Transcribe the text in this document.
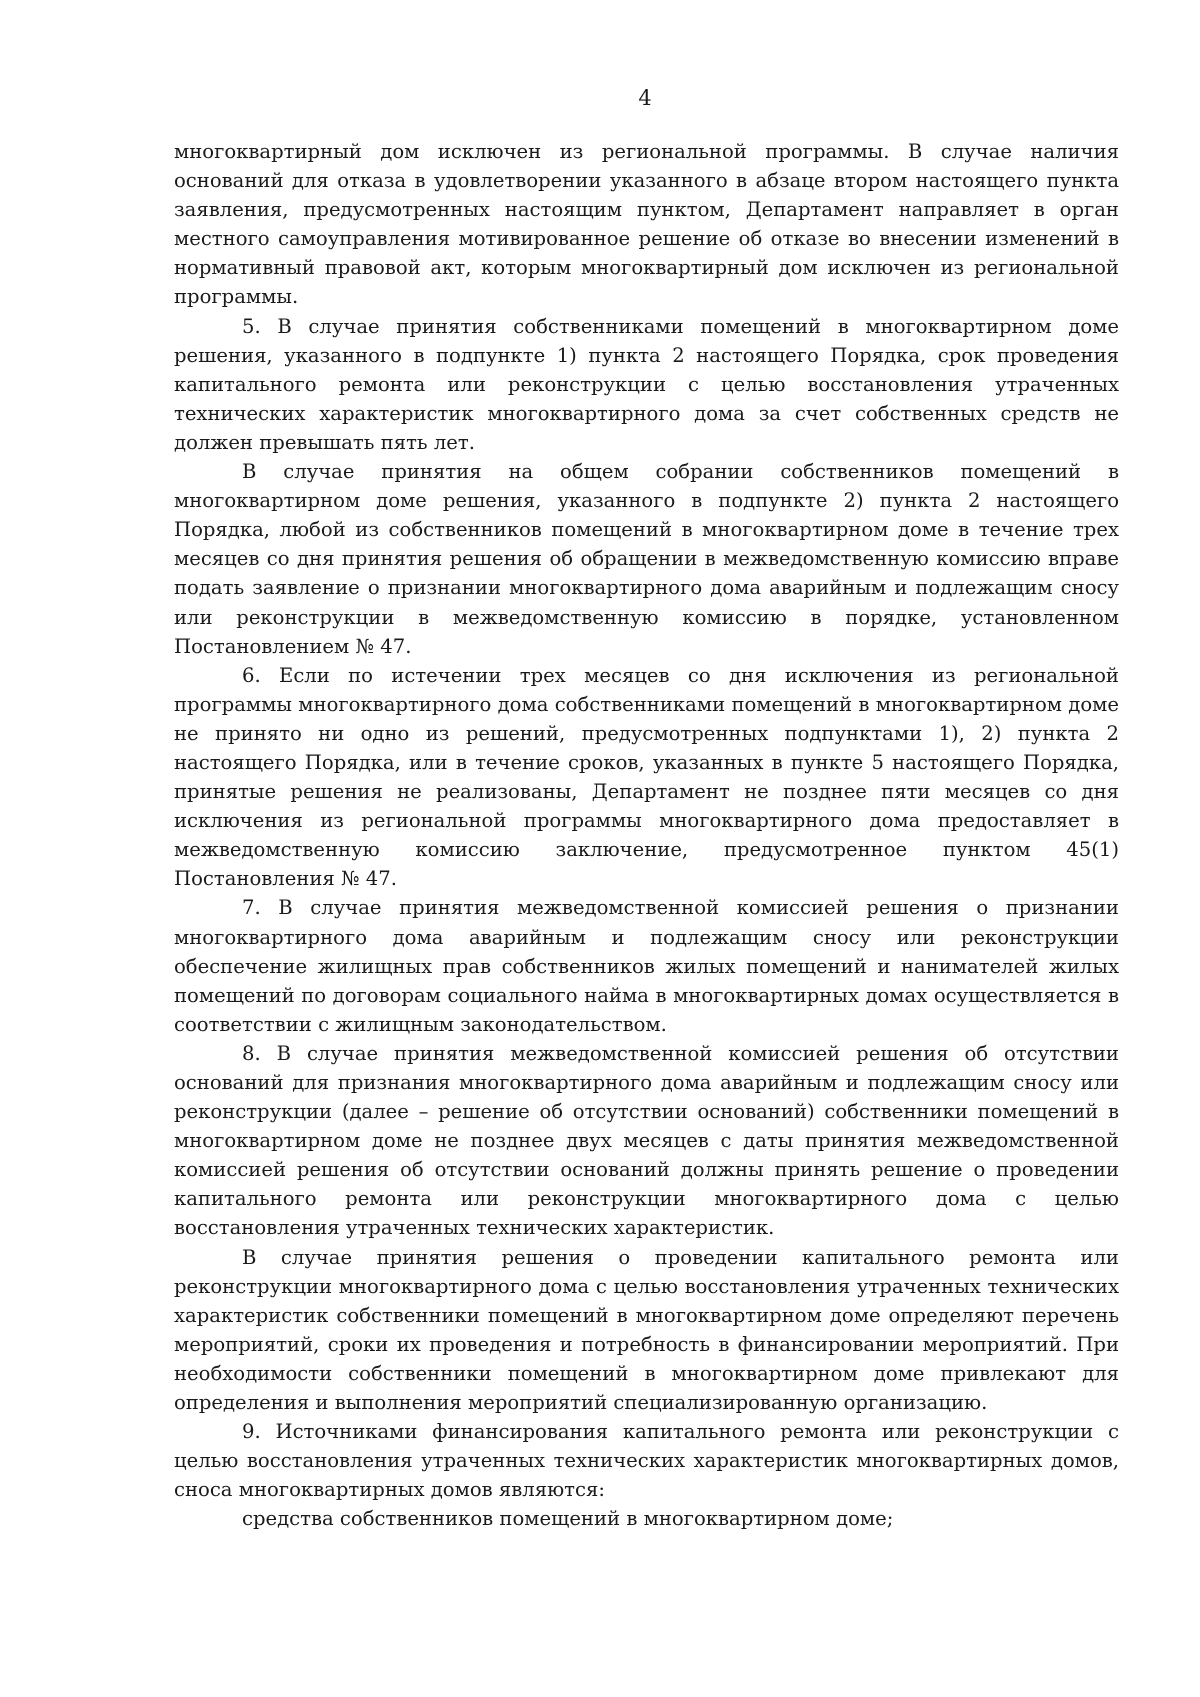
4

многоквартирный дом исключен из региональной программы. В случае наличия оснований для отказа в удовлетворении указанного в абзаце втором настоящего пункта заявления, предусмотренных настоящим пунктом, Департамент направляет в орган местного самоуправления мотивированное решение об отказе во внесении изменений в нормативный правовой акт, которым многоквартирный дом исключен из региональной программы.

5. В случае принятия собственниками помещений в многоквартирном доме решения, указанного в подпункте 1) пункта 2 настоящего Порядка, срок проведения капитального ремонта или реконструкции с целью восстановления утраченных технических характеристик многоквартирного дома за счет собственных средств не должен превышать пять лет.

В случае принятия на общем собрании собственников помещений в многоквартирном доме решения, указанного в подпункте 2) пункта 2 настоящего Порядка, любой из собственников помещений в многоквартирном доме в течение трех месяцев со дня принятия решения об обращении в межведомственную комиссию вправе подать заявление о признании многоквартирного дома аварийным и подлежащим сносу или реконструкции в межведомственную комиссию в порядке, установленном Постановлением № 47.

6. Если по истечении трех месяцев со дня исключения из региональной программы многоквартирного дома собственниками помещений в многоквартирном доме не принято ни одно из решений, предусмотренных подпунктами 1), 2) пункта 2 настоящего Порядка, или в течение сроков, указанных в пункте 5 настоящего Порядка, принятые решения не реализованы, Департамент не позднее пяти месяцев со дня исключения из региональной программы многоквартирного дома предоставляет в межведомственную комиссию заключение, предусмотренное пунктом 45(1) Постановления № 47.

7. В случае принятия межведомственной комиссией решения о признании многоквартирного дома аварийным и подлежащим сносу или реконструкции обеспечение жилищных прав собственников жилых помещений и нанимателей жилых помещений по договорам социального найма в многоквартирных домах осуществляется в соответствии с жилищным законодательством.

8. В случае принятия межведомственной комиссией решения об отсутствии оснований для признания многоквартирного дома аварийным и подлежащим сносу или реконструкции (далее – решение об отсутствии оснований) собственники помещений в многоквартирном доме не позднее двух месяцев с даты принятия межведомственной комиссией решения об отсутствии оснований должны принять решение о проведении капитального ремонта или реконструкции многоквартирного дома с целью восстановления утраченных технических характеристик.

В случае принятия решения о проведении капитального ремонта или реконструкции многоквартирного дома с целью восстановления утраченных технических характеристик собственники помещений в многоквартирном доме определяют перечень мероприятий, сроки их проведения и потребность в финансировании мероприятий. При необходимости собственники помещений в многоквартирном доме привлекают для определения и выполнения мероприятий специализированную организацию.

9. Источниками финансирования капитального ремонта или реконструкции с целью восстановления утраченных технических характеристик многоквартирных домов, сноса многоквартирных домов являются:

средства собственников помещений в многоквартирном доме;
